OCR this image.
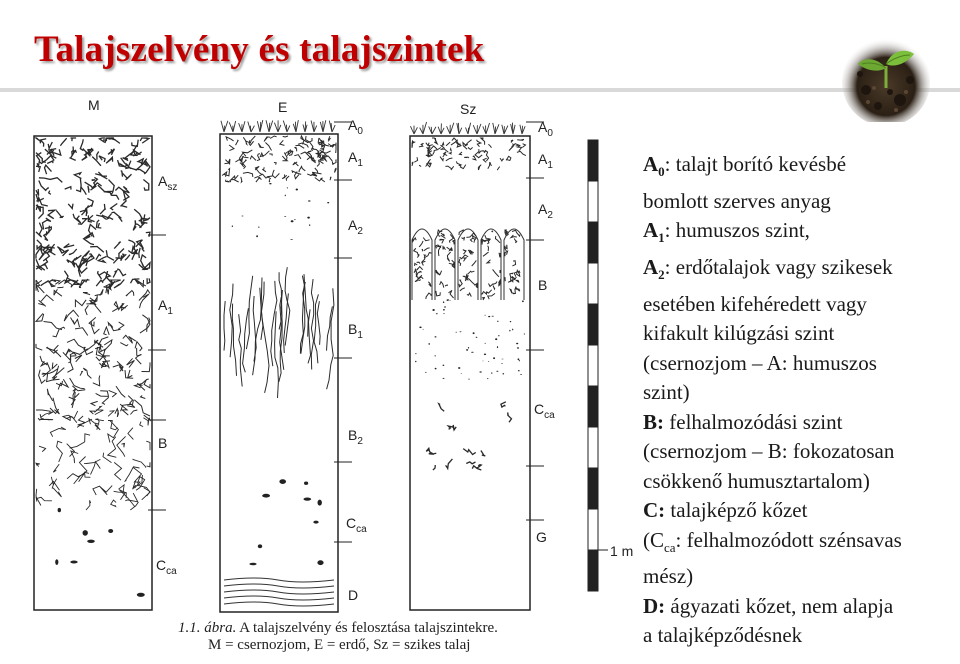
Talajszelvény és talajszintek
M	E	Sz
$A_{sz}$
$A_1$
B
$C_{ca}$
$A_0$
$A_1$
$A_2$
$B_1$
$B_2$
$C_{ca}$
D
$A_0$
$A_1$
$A_2$
B
$C_{ca}$
G
1 m
$A_0$: talajt borító kevésbé
bomlott szerves anyag
$A_1$: humuszos szint,
$A_2$: erdőtalajok vagy szikesek
esetében kifehéredett vagy
kifakult kilúgzási szint
(csernozjom – A: humuszos
szint)
B: felhalmozódási szint
(csernozjom – B: fokozatosan
csökkenő humusztartalom)
C: talajképző kőzet
($C_{ca}$: felhalmozódott szénsavas
mész)
D: ágyazati kőzet, nem alapja
a talajképződésnek
1.1. ábra. A talajszelvény és felosztása talajszintekre.
M = csernozjom, E = erdő, Sz = szikes talaj
